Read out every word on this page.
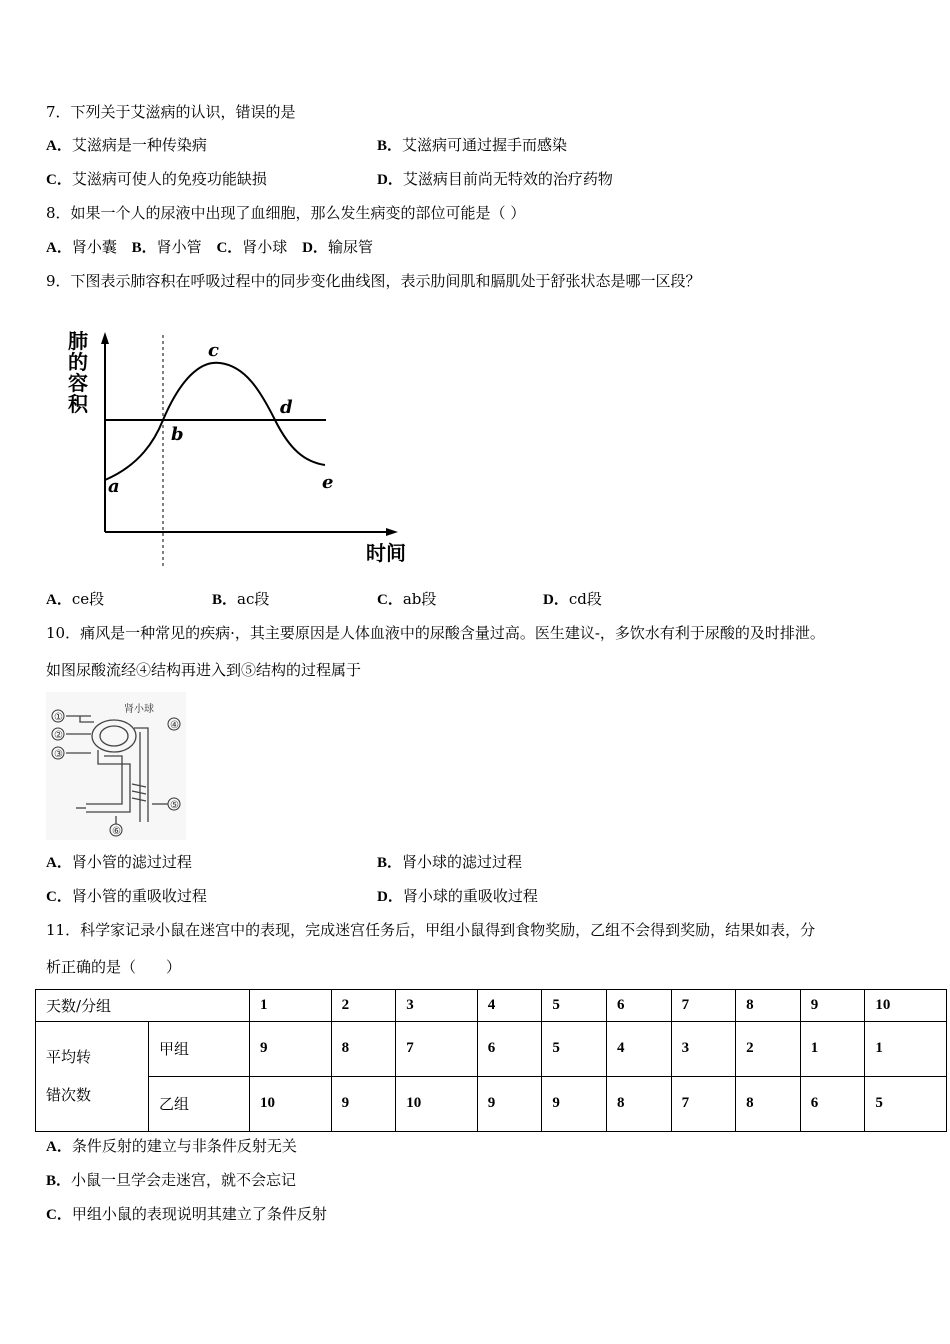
7．下列关于艾滋病的认识，错误的是
A．艾滋病是一种传染病	B．艾滋病可通过握手而感染
C．艾滋病可使人的免疫功能缺损	D．艾滋病目前尚无特效的治疗药物
8．如果一个人的尿液中出现了血细胞，那么发生病变的部位可能是（ ）
A．肾小囊 B．肾小管 C．肾小球 D．输尿管
9．下图表示肺容积在呼吸过程中的同步变化曲线图，表示肋间肌和膈肌处于舒张状态是哪一区段？
肺的容积
a
b
c
d
e
时间
A．ce段	B．ac段	C．ab段	D．cd段
10．痛风是一种常见的疾病·，其主要原因是人体血液中的尿酸含量过高。医生建议-，多饮水有利于尿酸的及时排泄。
如图尿酸流经④结构再进入到⑤结构的过程属于
①
②
③
④
⑤
⑥
肾小球
A．肾小管的滤过过程	B．肾小球的滤过过程
C．肾小管的重吸收过程	D．肾小球的重吸收过程
11．科学家记录小鼠在迷宫中的表现，完成迷宫任务后，甲组小鼠得到食物奖励，乙组不会得到奖励，结果如表，分
析正确的是（　　）
天数/分组		1	2	3	4	5	6	7	8	9	10
平均转
错次数	甲组	9	8	7	6	5	4	3	2	1	1
	乙组	10	9	10	9	9	8	7	8	6	5
A．条件反射的建立与非条件反射无关
B．小鼠一旦学会走迷宫，就不会忘记
C．甲组小鼠的表现说明其建立了条件反射
